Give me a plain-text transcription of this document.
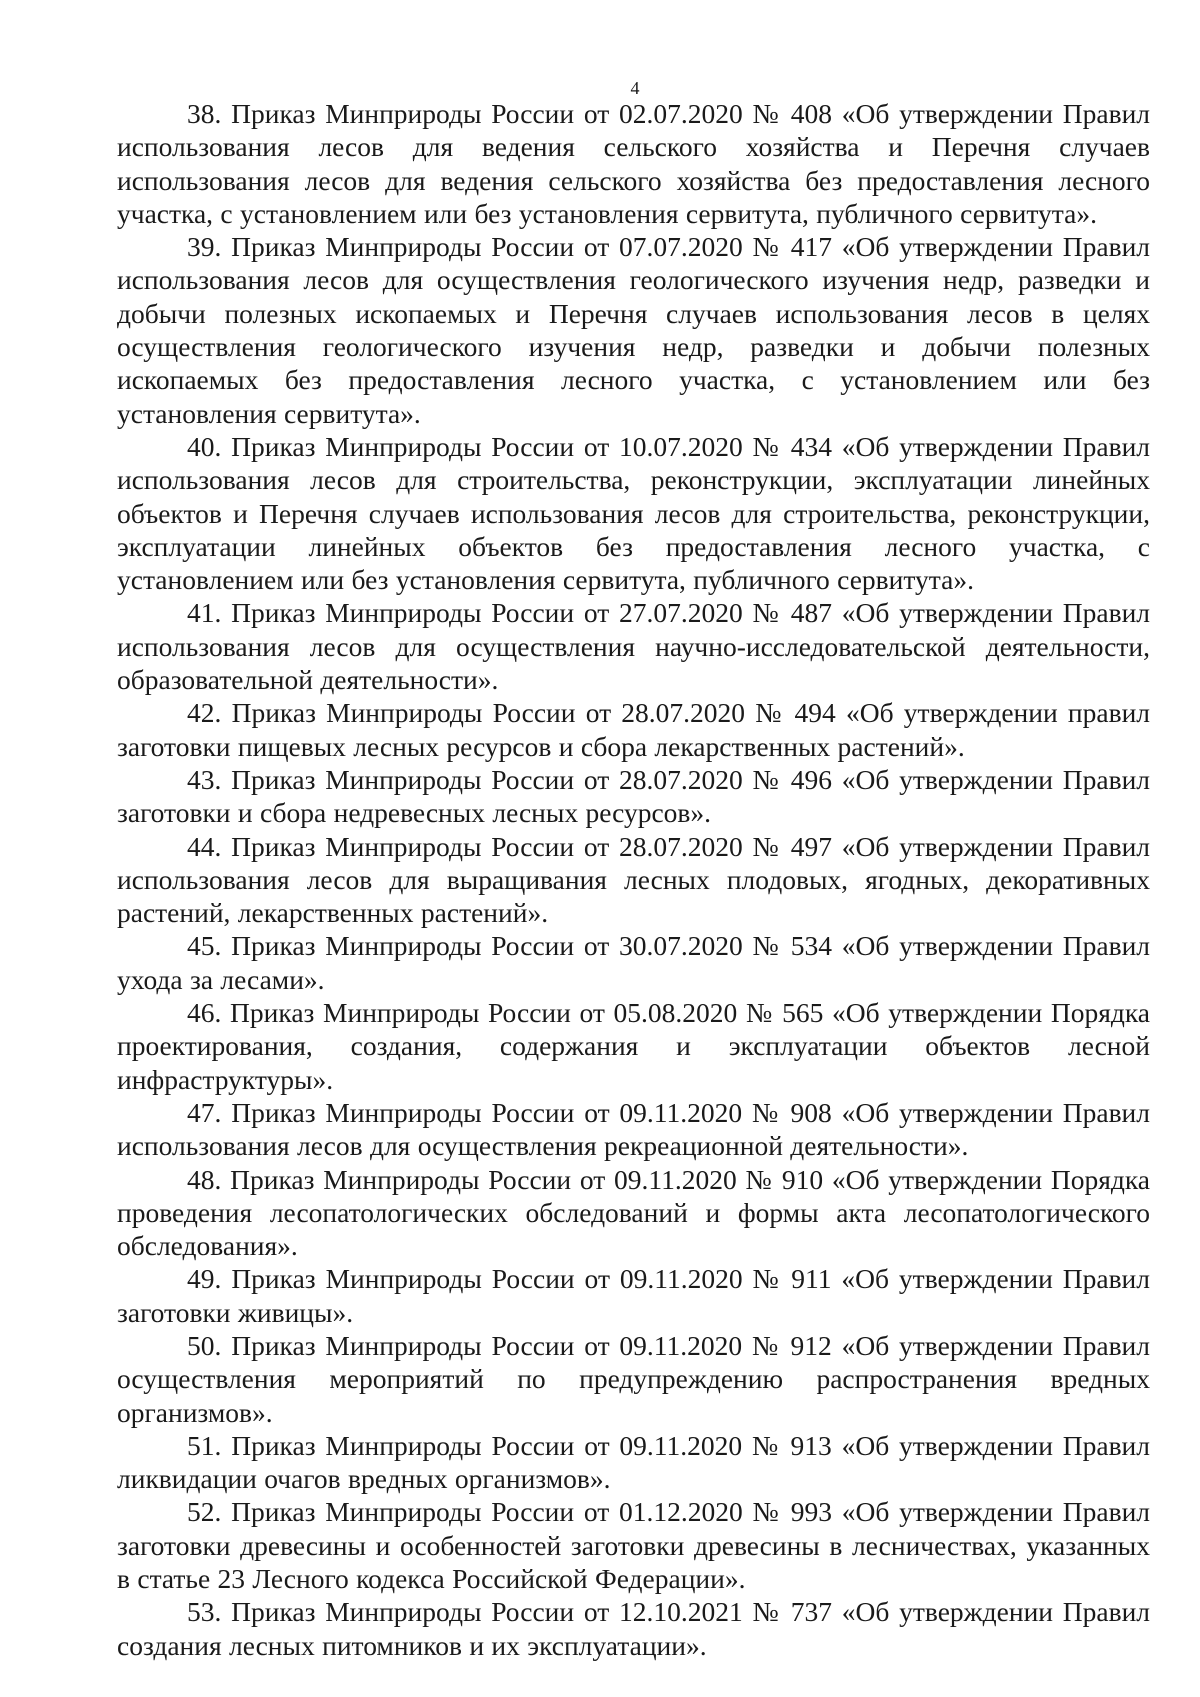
4

38. Приказ Минприроды России от 02.07.2020 № 408 «Об утверждении Правил использования лесов для ведения сельского хозяйства и Перечня случаев использования лесов для ведения сельского хозяйства без предоставления лесного участка, с установлением или без установления сервитута, публичного сервитута».

39. Приказ Минприроды России от 07.07.2020 № 417 «Об утверждении Правил использования лесов для осуществления геологического изучения недр, разведки и добычи полезных ископаемых и Перечня случаев использования лесов в целях осуществления геологического изучения недр, разведки и добычи полезных ископаемых без предоставления лесного участка, с установлением или без установления сервитута».

40. Приказ Минприроды России от 10.07.2020 № 434 «Об утверждении Правил использования лесов для строительства, реконструкции, эксплуатации линейных объектов и Перечня случаев использования лесов для строительства, реконструкции, эксплуатации линейных объектов без предоставления лесного участка, с установлением или без установления сервитута, публичного сервитута».

41. Приказ Минприроды России от 27.07.2020 № 487 «Об утверждении Правил использования лесов для осуществления научно-исследовательской деятельности, образовательной деятельности».

42. Приказ Минприроды России от 28.07.2020 № 494 «Об утверждении правил заготовки пищевых лесных ресурсов и сбора лекарственных растений».

43. Приказ Минприроды России от 28.07.2020 № 496 «Об утверждении Правил заготовки и сбора недревесных лесных ресурсов».

44. Приказ Минприроды России от 28.07.2020 № 497 «Об утверждении Правил использования лесов для выращивания лесных плодовых, ягодных, декоративных растений, лекарственных растений».

45. Приказ Минприроды России от 30.07.2020 № 534 «Об утверждении Правил ухода за лесами».

46. Приказ Минприроды России от 05.08.2020 № 565 «Об утверждении Порядка проектирования, создания, содержания и эксплуатации объектов лесной инфраструктуры».

47. Приказ Минприроды России от 09.11.2020 № 908 «Об утверждении Правил использования лесов для осуществления рекреационной деятельности».

48. Приказ Минприроды России от 09.11.2020 № 910 «Об утверждении Порядка проведения лесопатологических обследований и формы акта лесопатологического обследования».

49. Приказ Минприроды России от 09.11.2020 № 911 «Об утверждении Правил заготовки живицы».

50. Приказ Минприроды России от 09.11.2020 № 912 «Об утверждении Правил осуществления мероприятий по предупреждению распространения вредных организмов».

51. Приказ Минприроды России от 09.11.2020 № 913 «Об утверждении Правил ликвидации очагов вредных организмов».

52. Приказ Минприроды России от 01.12.2020 № 993 «Об утверждении Правил заготовки древесины и особенностей заготовки древесины в лесничествах, указанных в статье 23 Лесного кодекса Российской Федерации».

53. Приказ Минприроды России от 12.10.2021 № 737 «Об утверждении Правил создания лесных питомников и их эксплуатации».
